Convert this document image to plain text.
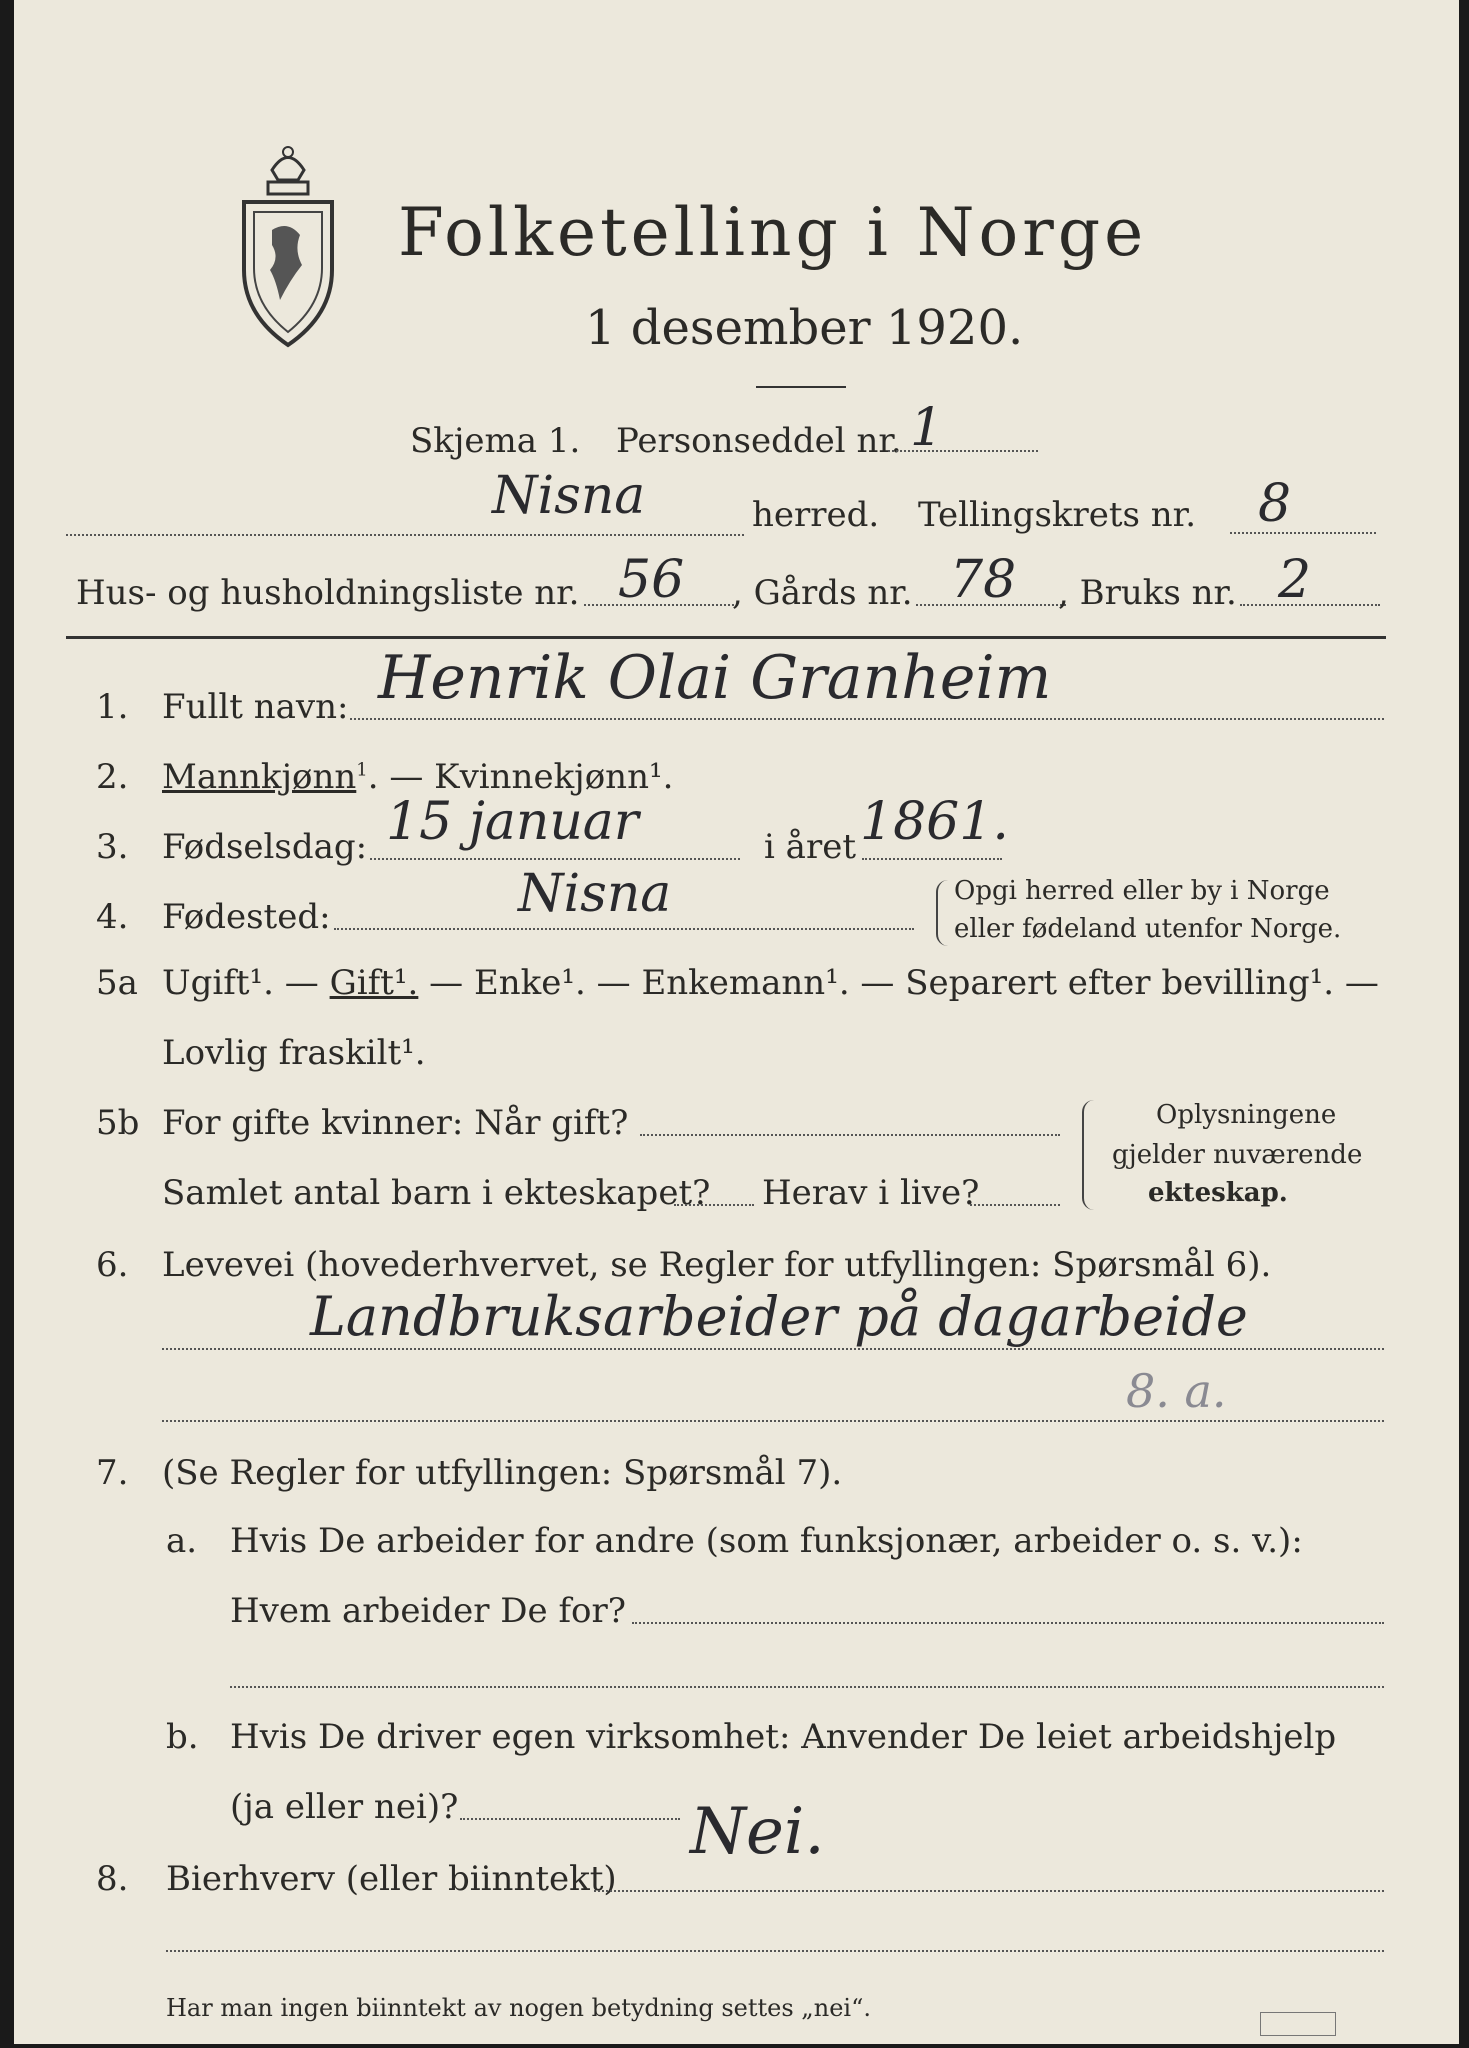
Folketelling i Norge
1 desember 1920.
Skjema 1. Personseddel nr. 1
Nisna	herred. Tellingskrets nr. 8
Hus- og husholdningsliste nr. 56 , Gårds nr. 78 , Bruks nr. 2
1. Fullt navn: Henrik Olai Granheim
2. Mannkjønn$^1$. — Kvinnekjønn¹.
3. Fødselsdag: 15 januar	i året 1861.
4. Fødested:	Nisna	Opgi herred eller by i Norge
eller fødeland utenfor Norge.
5a Ugift¹. — Gift¹. — Enke¹. — Enkemann¹. — Separert efter bevilling¹. —
Lovlig fraskilt¹.
5b For gifte kvinner: Når gift?
Samlet antal barn i ekteskapet? Herav i live?
Oplysningene
gjelder nuværende
ekteskap.
6. Levevei (hovederhvervet, se Regler for utfyllingen: Spørsmål 6).
Landbruksarbeider på dagarbeide
8. a.
7. (Se Regler for utfyllingen: Spørsmål 7).
a. Hvis De arbeider for andre (som funksjonær, arbeider o. s. v.):
Hvem arbeider De for?
b. Hvis De driver egen virksomhet: Anvender De leiet arbeidshjelp
(ja eller nei)?
8. Bierhverv (eller biinntekt)
Nei.
Har man ingen biinntekt av nogen betydning settes „nei“.
